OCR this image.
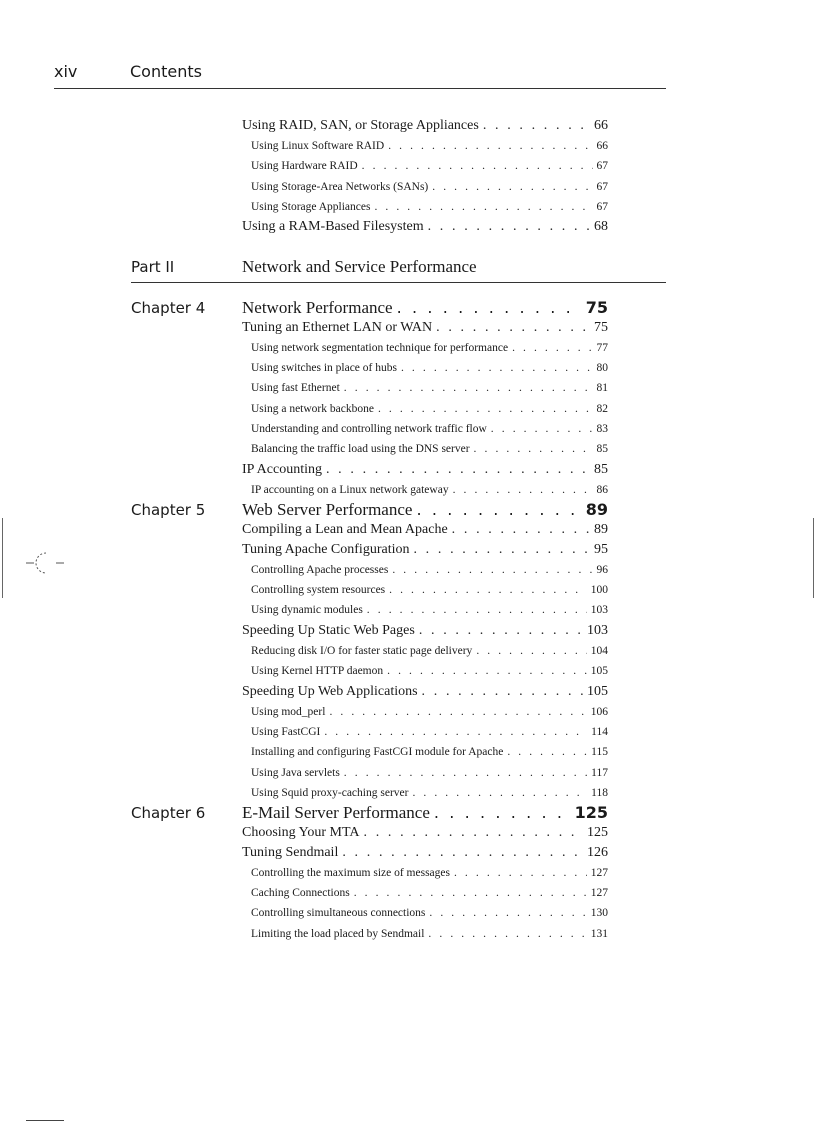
xiv	Contents
Using RAID, SAN, or Storage Appliances . . .	66
Using Linux Software RAID . . .	66
Using Hardware RAID . . .	67
Using Storage-Area Networks (SANs) . . .	67
Using Storage Appliances . . .	67
Using a RAM-Based Filesystem . . .	68
Part II	Network and Service Performance
Chapter 4 Network Performance . . .	75
Tuning an Ethernet LAN or WAN . . .	75
Using network segmentation technique for performance . . .	77
Using switches in place of hubs . . .	80
Using fast Ethernet . . .	81
Using a network backbone . . .	82
Understanding and controlling network traffic flow . . .	83
Balancing the traffic load using the DNS server . . .	85
IP Accounting . . .	85
IP accounting on a Linux network gateway . . .	86
Chapter 5 Web Server Performance . . .	89
Compiling a Lean and Mean Apache . . .	89
Tuning Apache Configuration . . .	95
Controlling Apache processes . . .	96
Controlling system resources . . .	100
Using dynamic modules . . .	103
Speeding Up Static Web Pages . . .	103
Reducing disk I/O for faster static page delivery . . .	104
Using Kernel HTTP daemon . . .	105
Speeding Up Web Applications . . .	105
Using mod_perl . . .	106
Using FastCGI . . .	114
Installing and configuring FastCGI module for Apache . . .	115
Using Java servlets . . .	117
Using Squid proxy-caching server . . .	118
Chapter 6 E-Mail Server Performance . . .	125
Choosing Your MTA . . .	125
Tuning Sendmail . . .	126
Controlling the maximum size of messages . . .	127
Caching Connections . . .	127
Controlling simultaneous connections . . .	130
Limiting the load placed by Sendmail . . .	131
